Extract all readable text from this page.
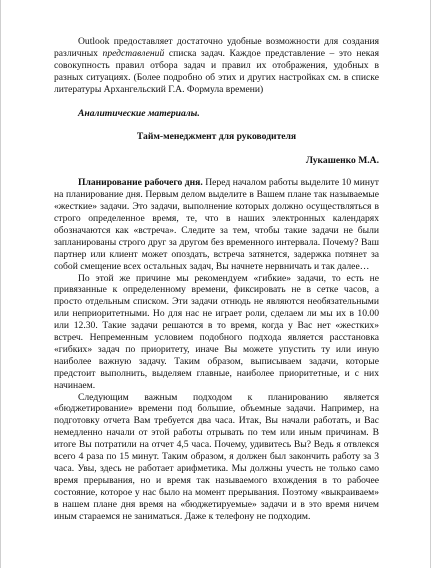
Outlook предоставляет достаточно удобные возможности для создания различных представлений списка задач. Каждое представление – это некая совокупность правил отбора задач и правил их отображения, удобных в разных ситуациях. (Более подробно об этих и других настройках см. в списке литературы Архангельский Г.А. Формула времени)

Аналитические материалы.

Тайм-менеджмент для руководителя

Лукашенко М.А.

Планирование рабочего дня. Перед началом работы выделите 10 минут на планирование дня. Первым делом выделите в Вашем плане так называемые «жесткие» задачи. Это задачи, выполнение которых должно осуществляться в строго определенное время, те, что в наших электронных календарях обозначаются как «встреча». Следите за тем, чтобы такие задачи не были запланированы строго друг за другом без временного интервала. Почему? Ваш партнер или клиент может опоздать, встреча затянется, задержка потянет за собой смещение всех остальных задач, Вы начнете нервничать и так далее…

По этой же причине мы рекомендуем «гибкие» задачи, то есть не привязанные к определенному времени, фиксировать не в сетке часов, а просто отдельным списком. Эти задачи отнюдь не являются необязательными или неприоритетными. Но для нас не играет роли, сделаем ли мы их в 10.00 или 12.30. Такие задачи решаются в то время, когда у Вас нет «жестких» встреч. Непременным условием подобного подхода является расстановка «гибких» задач по приоритету, иначе Вы можете упустить ту или иную наиболее важную задачу. Таким образом, выписываем задачи, которые предстоит выполнить, выделяем главные, наиболее приоритетные, и с них начинаем.

Следующим важным подходом к планированию является «бюджетирование» времени под большие, объемные задачи. Например, на подготовку отчета Вам требуется два часа. Итак, Вы начали работать, и Вас немедленно начали от этой работы отрывать по тем или иным причинам. В итоге Вы потратили на отчет 4,5 часа. Почему, удивитесь Вы? Ведь я отвлекся всего 4 раза по 15 минут. Таким образом, я должен был закончить работу за 3 часа. Увы, здесь не работает арифметика. Мы должны учесть не только само время прерывания, но и время так называемого вхождения в то рабочее состояние, которое у нас было на момент прерывания. Поэтому «выкраиваем» в нашем плане дня время на «бюджетируемые» задачи и в это время ничем иным стараемся не заниматься. Даже к телефону не подходим.
